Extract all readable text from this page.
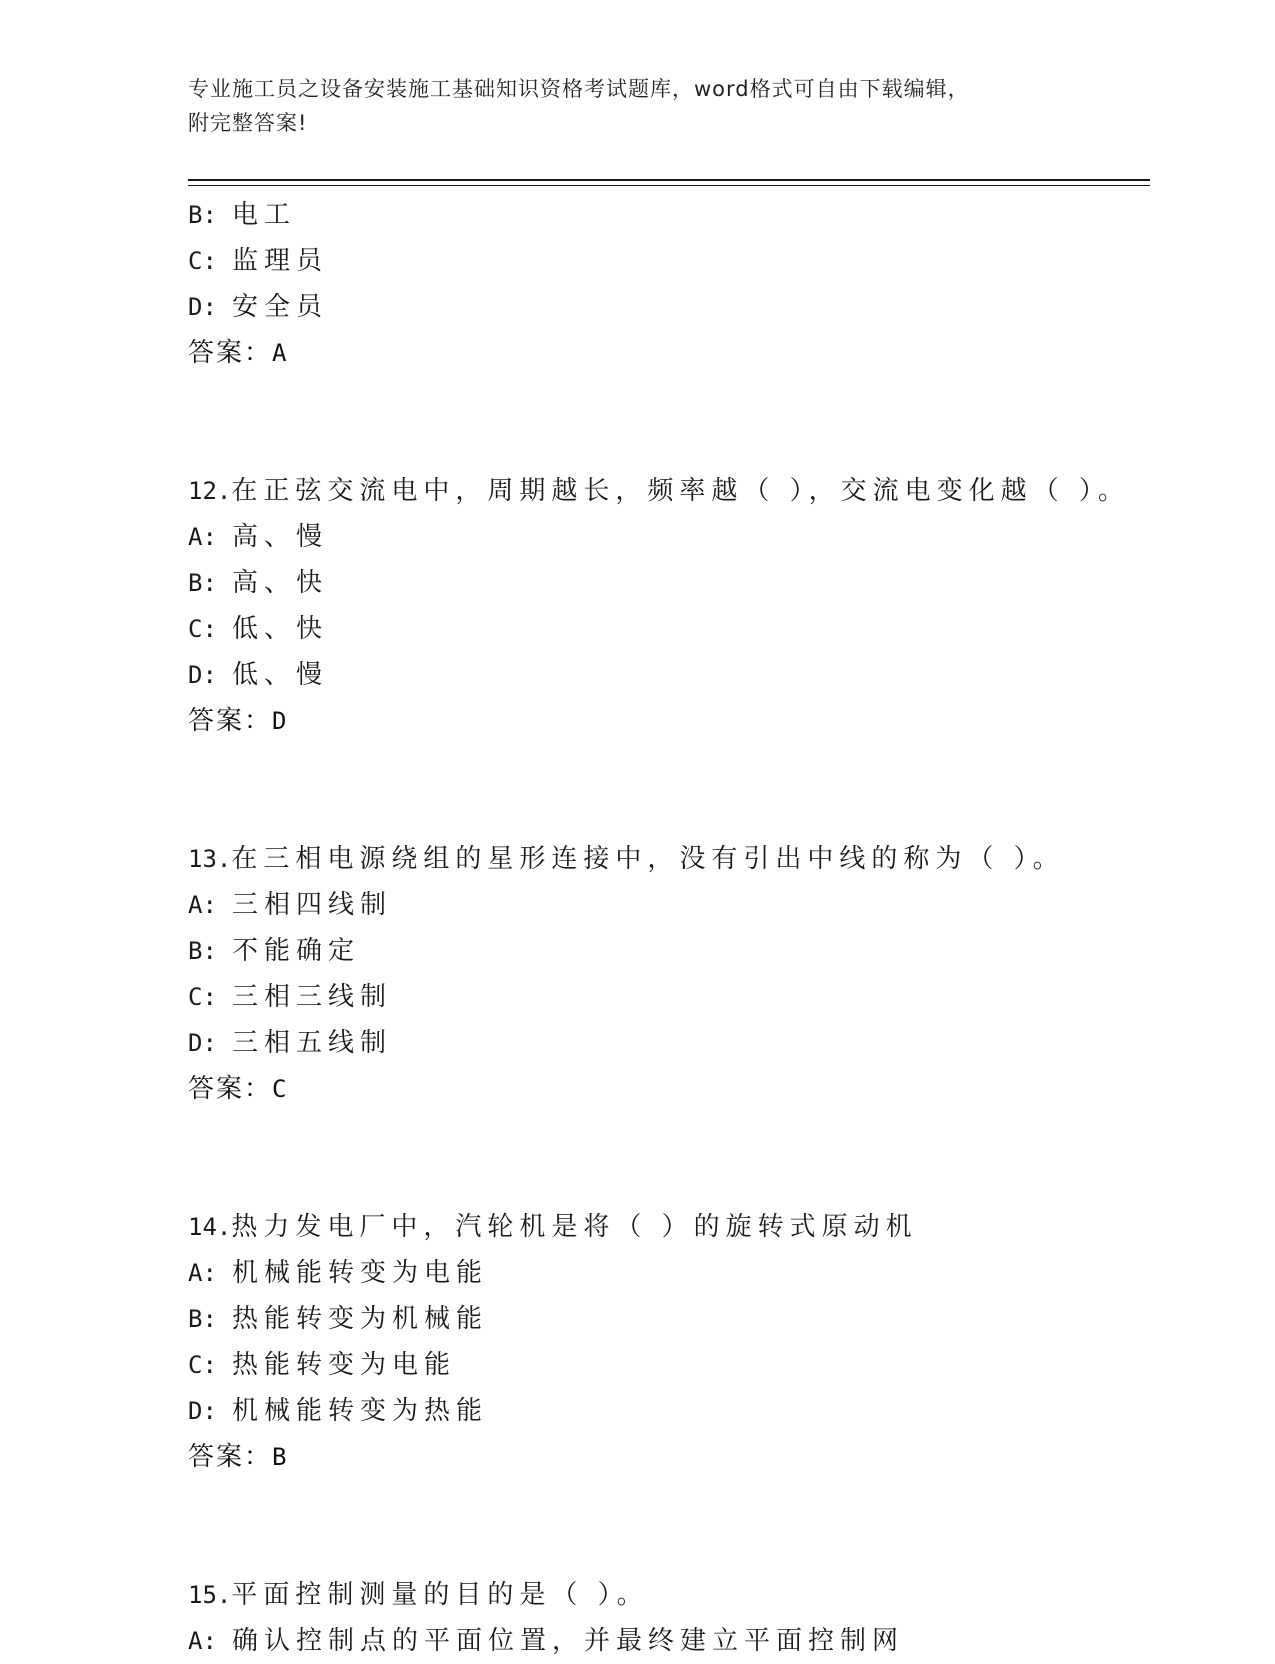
专业施工员之设备安装施工基础知识资格考试题库，word格式可自由下载编辑，
附完整答案!
B: 电工
C: 监理员
D: 安全员
答案：A
12.在正弦交流电中，周期越长，频率越（ ），交流电变化越（ ）。
A: 高、慢
B: 高、快
C: 低、快
D: 低、慢
答案：D
13.在三相电源绕组的星形连接中，没有引出中线的称为（ ）。
A: 三相四线制
B: 不能确定
C: 三相三线制
D: 三相五线制
答案：C
14.热力发电厂中，汽轮机是将（ ）的旋转式原动机
A: 机械能转变为电能
B: 热能转变为机械能
C: 热能转变为电能
D: 机械能转变为热能
答案：B
15.平面控制测量的目的是（ ）。
A: 确认控制点的平面位置，并最终建立平面控制网
